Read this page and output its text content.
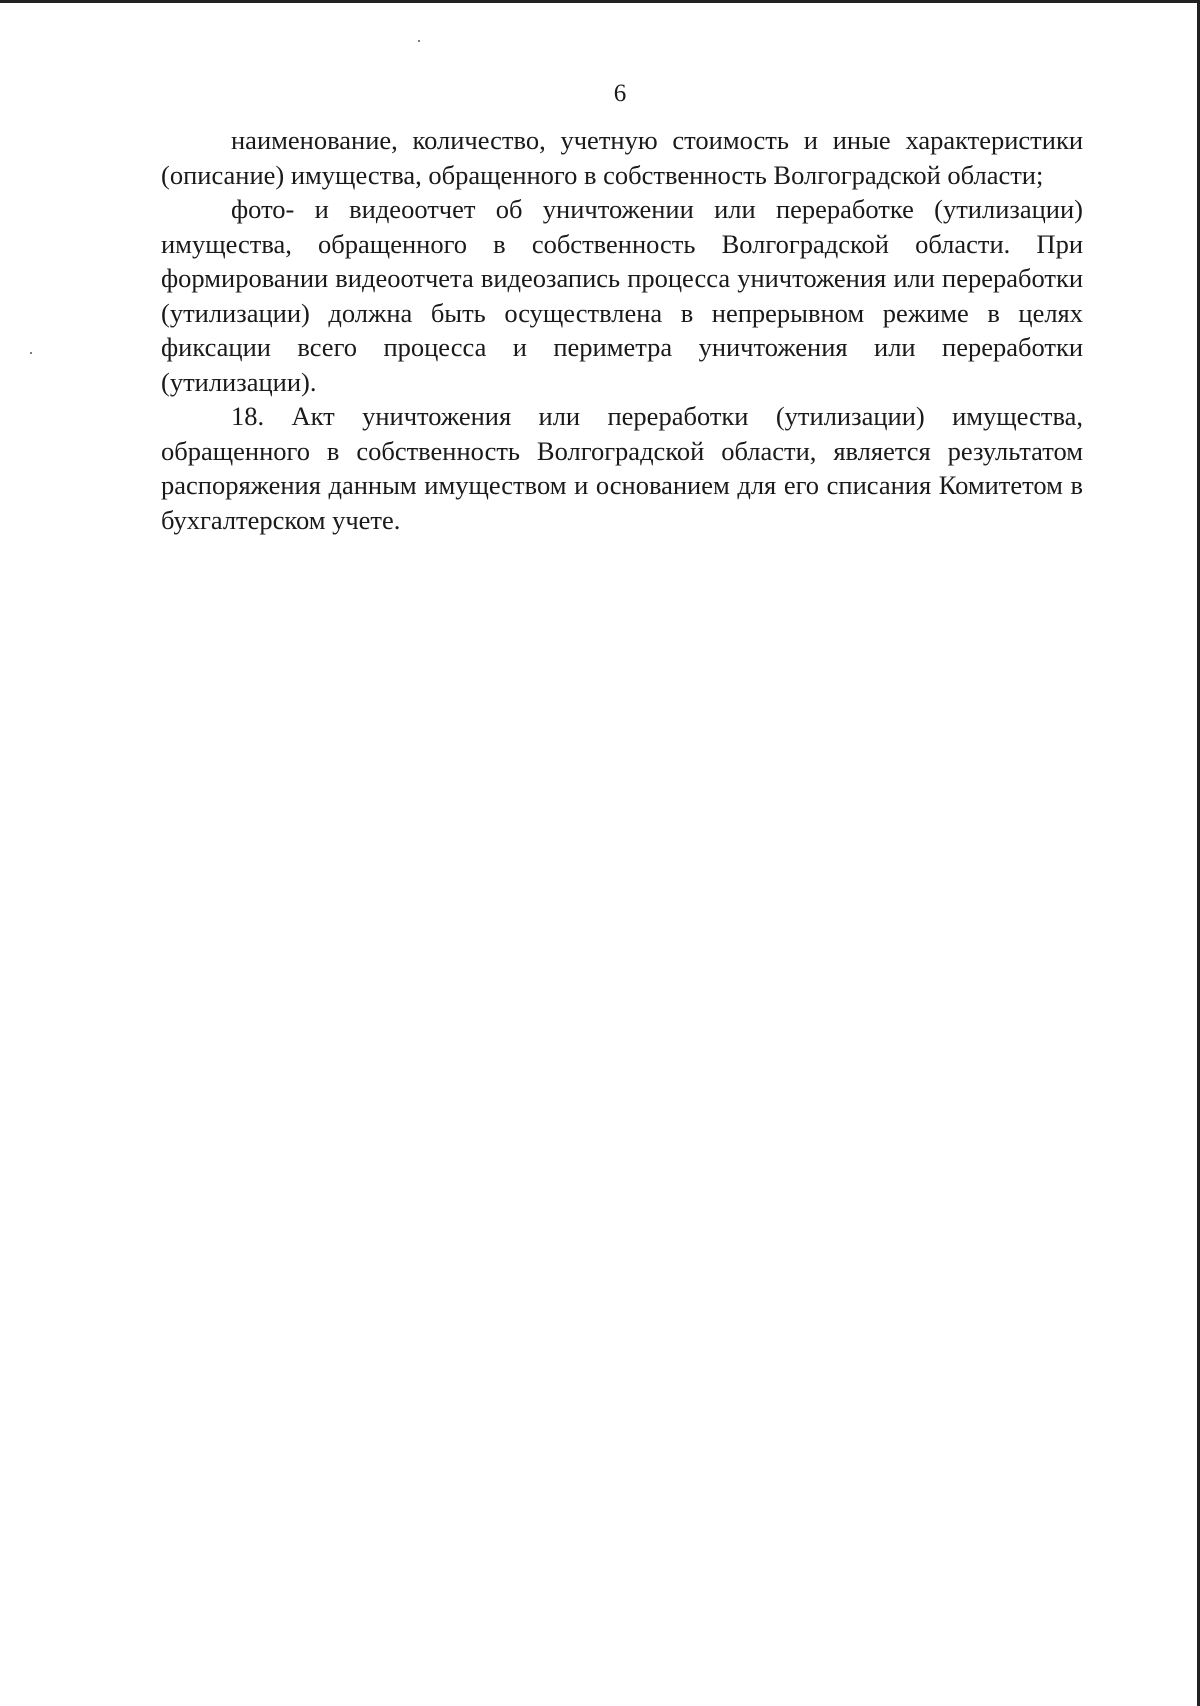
6

наименование, количество, учетную стоимость и иные характеристики (описание) имущества, обращенного в собственность Волгоградской области;

фото- и видеоотчет об уничтожении или переработке (утилизации) имущества, обращенного в собственность Волгоградской области. При формировании видеоотчета видеозапись процесса уничтожения или переработки (утилизации) должна быть осуществлена в непрерывном режиме в целях фиксации всего процесса и периметра уничтожения или переработки (утилизации).

18. Акт уничтожения или переработки (утилизации) имущества, обращенного в собственность Волгоградской области, является результатом распоряжения данным имуществом и основанием для его списания Комитетом в бухгалтерском учете.
